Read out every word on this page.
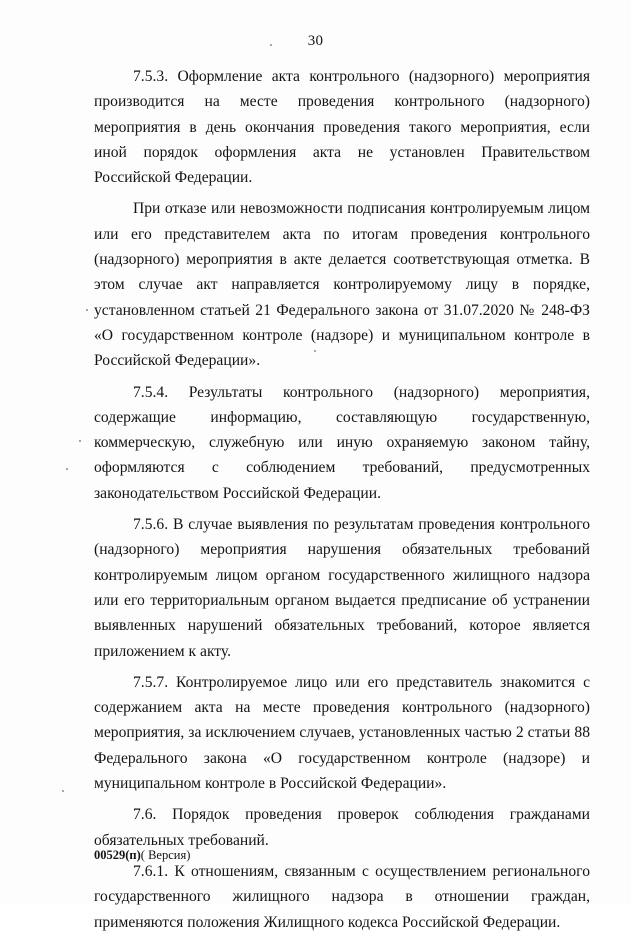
30

7.5.3. Оформление акта контрольного (надзорного) мероприятия производится на месте проведения контрольного (надзорного) мероприятия в день окончания проведения такого мероприятия, если иной порядок оформления акта не установлен Правительством Российской Федерации.

При отказе или невозможности подписания контролируемым лицом или его представителем акта по итогам проведения контрольного (надзорного) мероприятия в акте делается соответствующая отметка. В этом случае акт направляется контролируемому лицу в порядке, установленном статьей 21 Федерального закона от 31.07.2020 № 248-ФЗ «О государственном контроле (надзоре) и муниципальном контроле в Российской Федерации».

7.5.4. Результаты контрольного (надзорного) мероприятия, содержащие информацию, составляющую государственную, коммерческую, служебную или иную охраняемую законом тайну, оформляются с соблюдением требований, предусмотренных законодательством Российской Федерации.

7.5.6. В случае выявления по результатам проведения контрольного (надзорного) мероприятия нарушения обязательных требований контролируемым лицом органом государственного жилищного надзора или его территориальным органом выдается предписание об устранении выявленных нарушений обязательных требований, которое является приложением к акту.

7.5.7. Контролируемое лицо или его представитель знакомится с содержанием акта на месте проведения контрольного (надзорного) мероприятия, за исключением случаев, установленных частью 2 статьи 88 Федерального закона «О государственном контроле (надзоре) и муниципальном контроле в Российской Федерации».

7.6. Порядок проведения проверок соблюдения гражданами обязательных требований.

7.6.1. К отношениям, связанным с осуществлением регионального государственного жилищного надзора в отношении граждан, применяются положения Жилищного кодекса Российской Федерации.

00529(п)( Версия)
